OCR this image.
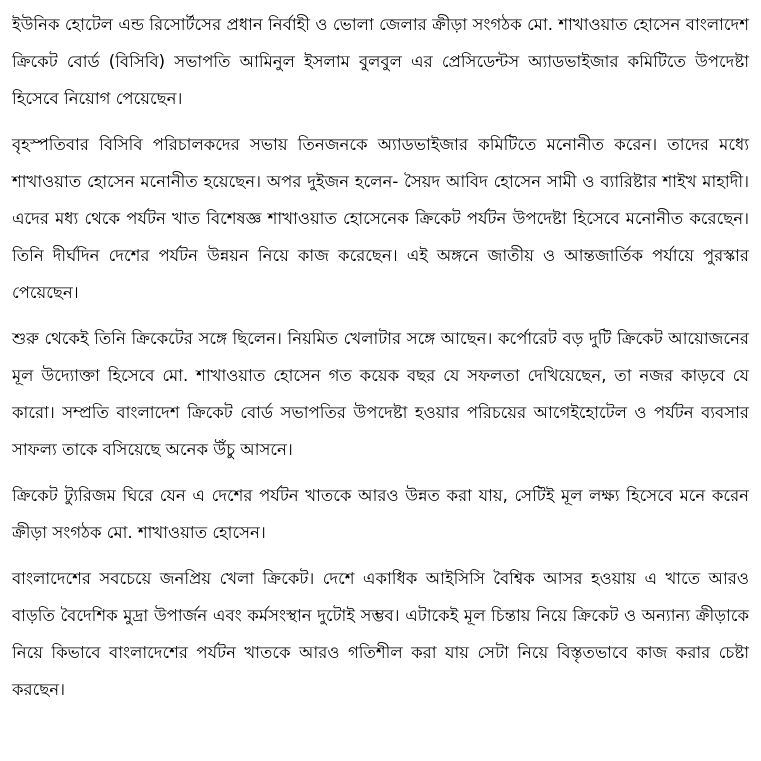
ইউনিক হোটেল এন্ড রিসোর্টসের প্রধান নির্বাহী ও ভোলা জেলার ক্রীড়া সংগঠক মো. শাখাওয়াত হোসেন বাংলাদেশ ক্রিকেট বোর্ড (বিসিবি) সভাপতি আমিনুল ইসলাম বুলবুল এর প্রেসিডেন্টস অ্যাডভাইজার কমিটিতে উপদেষ্টা হিসেবে নিয়োগ পেয়েছেন।

বৃহস্পতিবার বিসিবি পরিচালকদের সভায় তিনজনকে অ্যাডভাইজার কমিটিতে মনোনীত করেন। তাদের মধ্যে শাখাওয়াত হোসেন মনোনীত হয়েছেন। অপর দুইজন হলেন- সৈয়দ আবিদ হোসেন সামী ও ব্যারিষ্টার শাইখ মাহাদী। এদের মধ্য থেকে পর্যটন খাত বিশেষজ্ঞ শাখাওয়াত হোসেনেক ক্রিকেট পর্যটন উপদেষ্টা হিসেবে মনোনীত করেছেন। তিনি দীর্ঘদিন দেশের পর্যটন উন্নয়ন নিয়ে কাজ করেছেন। এই অঙ্গনে জাতীয় ও আন্তজার্তিক পর্যায়ে পুরস্কার পেয়েছেন।

শুরু থেকেই তিনি ক্রিকেটের সঙ্গে ছিলেন। নিয়মিত খেলাটার সঙ্গে আছেন। কর্পোরেট বড় দুটি ক্রিকেট আয়োজনের মূল উদ্যোক্তা হিসেবে মো. শাখাওয়াত হোসেন গত কয়েক বছর যে সফলতা দেখিয়েছেন, তা নজর কাড়বে যে কারো। সম্প্রতি বাংলাদেশ ক্রিকেট বোর্ড সভাপতির উপদেষ্টা হওয়ার পরিচয়ের আগেইহোটেল ও পর্যটন ব্যবসার সাফল্য তাকে বসিয়েছে অনেক উঁচু আসনে।

ক্রিকেট ট্যুরিজম ঘিরে যেন এ দেশের পর্যটন খাতকে আরও উন্নত করা যায়, সেটিই মূল লক্ষ্য হিসেবে মনে করেন ক্রীড়া সংগঠক মো. শাখাওয়াত হোসেন।

বাংলাদেশের সবচেয়ে জনপ্রিয় খেলা ক্রিকেট। দেশে একাধিক আইসিসি বৈশ্বিক আসর হওয়ায় এ খাতে আরও বাড়তি বৈদেশিক মুদ্রা উপার্জন এবং কর্মসংস্থান দুটোই সম্ভব। এটাকেই মূল চিন্তায় নিয়ে ক্রিকেট ও অন্যান্য ক্রীড়াকে নিয়ে কিভাবে বাংলাদেশের পর্যটন খাতকে আরও গতিশীল করা যায় সেটা নিয়ে বিস্তৃতভাবে কাজ করার চেষ্টা করছেন।
